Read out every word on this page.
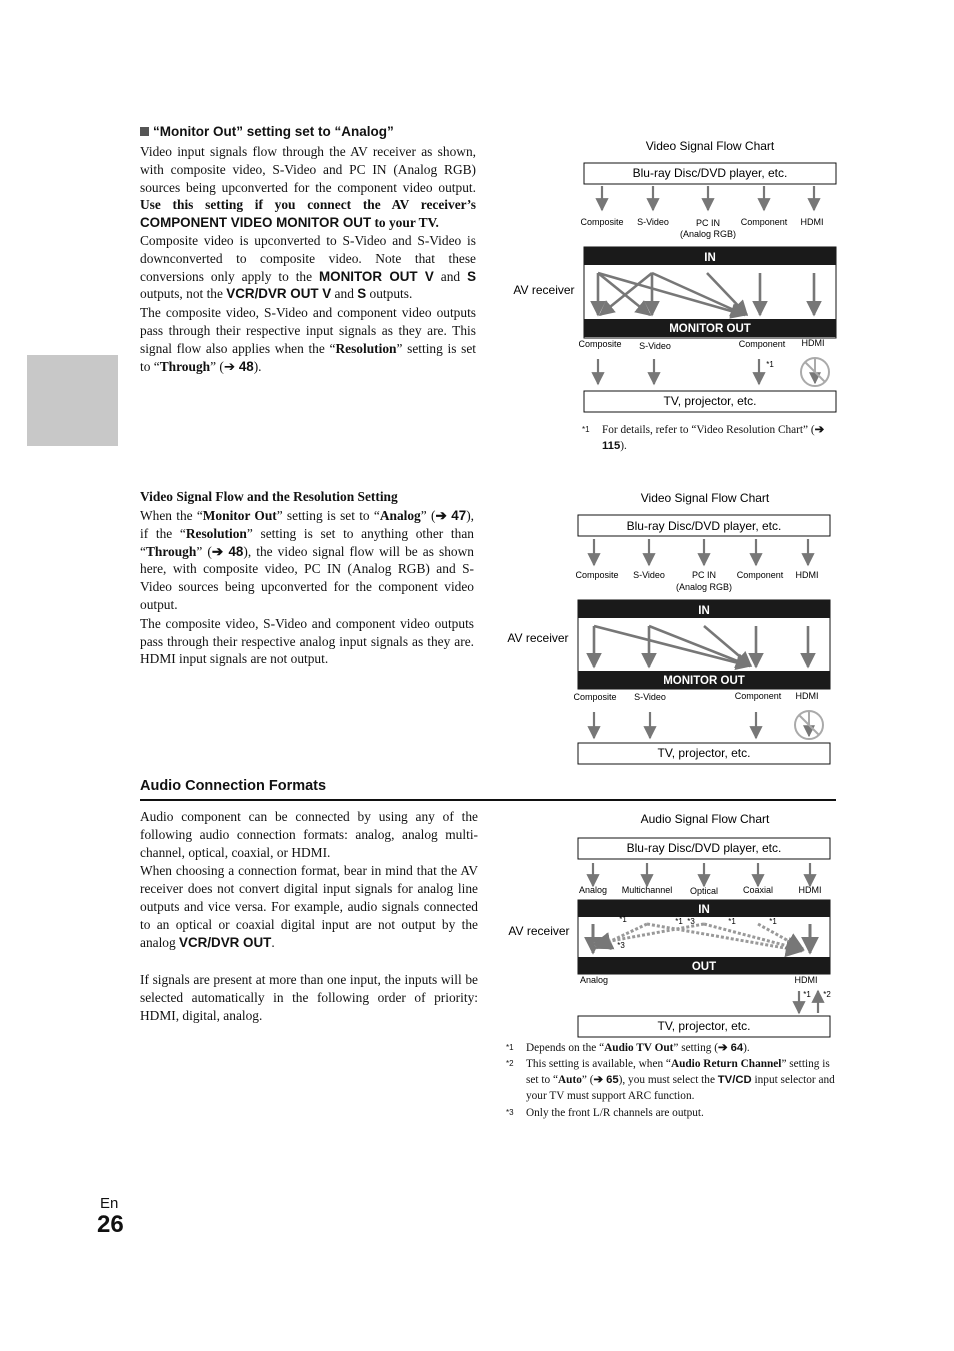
“Monitor Out” setting set to “Analog”

Video input signals flow through the AV receiver as shown, with composite video, S-Video and PC IN (Analog RGB) sources being upconverted for the component video output. Use this setting if you connect the AV receiver’s COMPONENT VIDEO MONITOR OUT to your TV.

Composite video is upconverted to S-Video and S-Video is downconverted to composite video. Note that these conversions only apply to the MONITOR OUT V and S outputs, not the VCR/DVR OUT V and S outputs.

The composite video, S-Video and component video outputs pass through their respective input signals as they are. This signal flow also applies when the “Resolution” setting is set to “Through” (➔ 48).

Video Signal Flow and the Resolution Setting

When the “Monitor Out” setting is set to “Analog” (➔ 47), if the “Resolution” setting is set to anything other than “Through” (➔ 48), the video signal flow will be as shown here, with composite video, PC IN (Analog RGB) and S-Video sources being upconverted for the component video output.

The composite video, S-Video and component video outputs pass through their respective analog input signals as they are. HDMI input signals are not output.

Audio Connection Formats

Audio component can be connected by using any of the following audio connection formats: analog, analog multi-channel, optical, coaxial, or HDMI.

When choosing a connection format, bear in mind that the AV receiver does not convert digital input signals for analog line outputs and vice versa. For example, audio signals connected to an optical or coaxial digital input are not output by the analog VCR/DVR OUT.

If signals are present at more than one input, the inputs will be selected automatically in the following order of priority: HDMI, digital, analog.

Video Signal Flow Chart
Blu-ray Disc/DVD player, etc.
Composite S-Video	PC IN
(Analog RGB)
Component HDMI
AV receiver
IN
MONITOR OUT
Composite S-Video	Component HDMI
*1
TV, projector, etc.
*1 For details, refer to “Video Resolution Chart” (➔ 115).
Video Signal Flow Chart
Blu-ray Disc/DVD player, etc.
Composite S-Video	PC IN
(Analog RGB)
Component HDMI
AV receiver
IN
MONITOR OUT
Composite S-Video	Component HDMI
TV, projector, etc.
Audio Signal Flow Chart
Blu-ray Disc/DVD player, etc.
Analog Multichannel Optical	Coaxial	HDMI
AV receiver
IN
OUT
*1	*1 *3	*1	*1
*3
Analog	HDMI
*1 *2
TV, projector, etc.
*1 Depends on the “Audio TV Out” setting (➔ 64).
*2 This setting is available, when “Audio Return Channel” setting is set to “Auto” (➔ 65), you must select the TV/CD input selector and your TV must support ARC function.
*3 Only the front L/R channels are output.
En
26
